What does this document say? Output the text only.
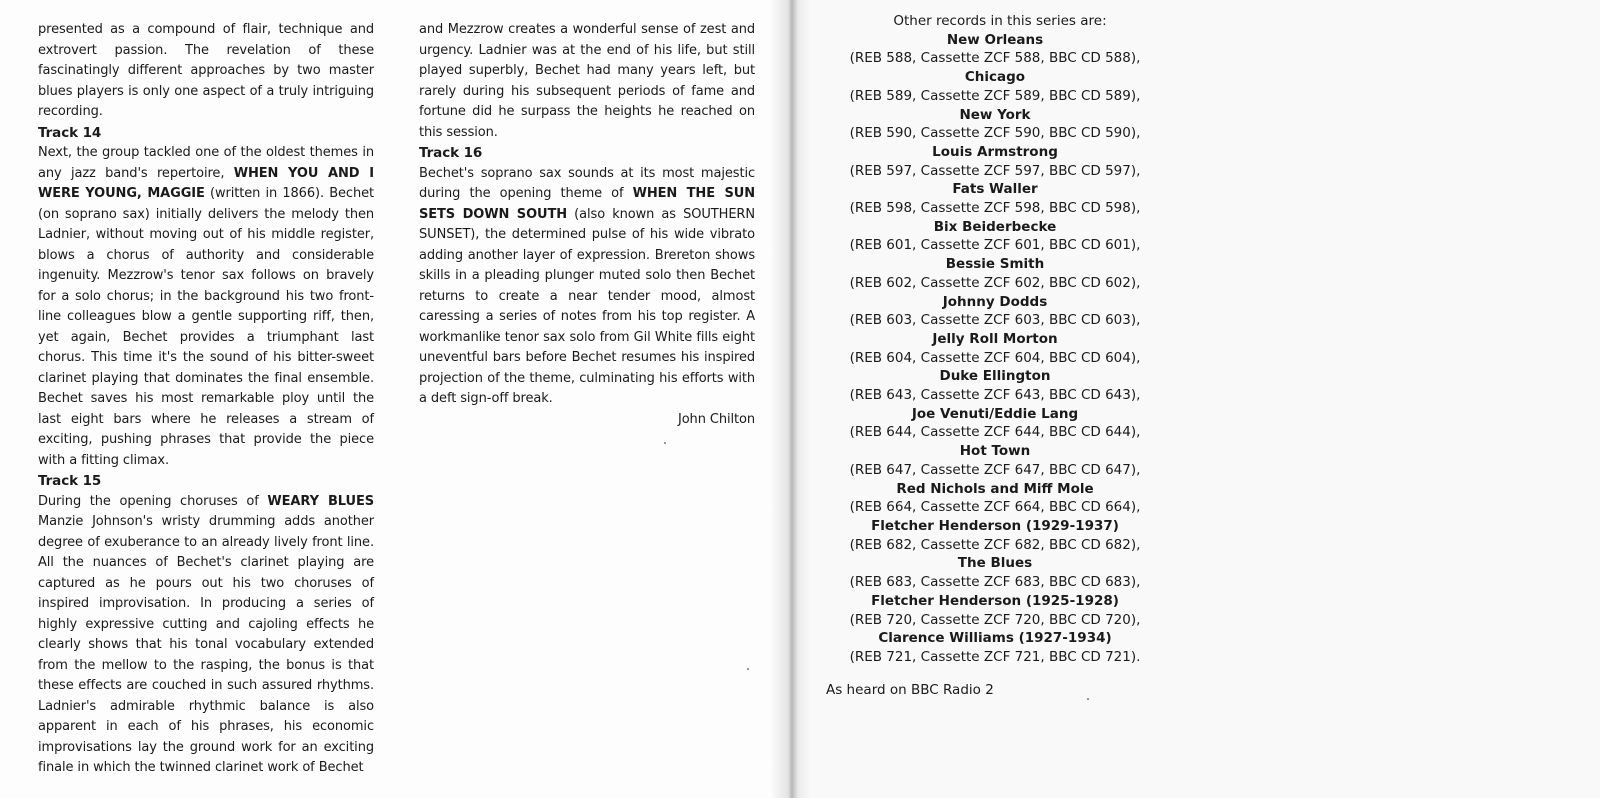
presented as a compound of flair, technique and extrovert passion. The revelation of these fascinatingly different approaches by two master blues players is only one aspect of a truly intriguing recording.

Track 14

Next, the group tackled one of the oldest themes in any jazz band's repertoire, WHEN YOU AND I WERE YOUNG, MAGGIE (written in 1866). Bechet (on soprano sax) initially delivers the melody then Ladnier, without moving out of his middle register, blows a chorus of authority and considerable ingenuity. Mezzrow's tenor sax follows on bravely for a solo chorus; in the background his two front-line colleagues blow a gentle supporting riff, then, yet again, Bechet provides a triumphant last chorus. This time it's the sound of his bitter-sweet clarinet playing that dominates the final ensemble. Bechet saves his most remarkable ploy until the last eight bars where he releases a stream of exciting, pushing phrases that provide the piece with a fitting climax.

Track 15

During the opening choruses of WEARY BLUES Manzie Johnson's wristy drumming adds another degree of exuberance to an already lively front line. All the nuances of Bechet's clarinet playing are captured as he pours out his two choruses of inspired improvisation. In producing a series of highly expressive cutting and cajoling effects he clearly shows that his tonal vocabulary extended from the mellow to the rasping, the bonus is that these effects are couched in such assured rhythms. Ladnier's admirable rhythmic balance is also apparent in each of his phrases, his economic improvisations lay the ground work for an exciting finale in which the twinned clarinet work of Bechet

and Mezzrow creates a wonderful sense of zest and urgency. Ladnier was at the end of his life, but still played superbly, Bechet had many years left, but rarely during his subsequent periods of fame and fortune did he surpass the heights he reached on this session.

Track 16

Bechet's soprano sax sounds at its most majestic during the opening theme of WHEN THE SUN SETS DOWN SOUTH (also known as SOUTHERN SUNSET), the determined pulse of his wide vibrato adding another layer of expression. Brereton shows skills in a pleading plunger muted solo then Bechet returns to create a near tender mood, almost caressing a series of notes from his top register. A workmanlike tenor sax solo from Gil White fills eight uneventful bars before Bechet resumes his inspired projection of the theme, culminating his efforts with a deft sign-off break.

John Chilton

Other records in this series are:

New Orleans
(REB 588, Cassette ZCF 588, BBC CD 588),
Chicago
(REB 589, Cassette ZCF 589, BBC CD 589),
New York
(REB 590, Cassette ZCF 590, BBC CD 590),
Louis Armstrong
(REB 597, Cassette ZCF 597, BBC CD 597),
Fats Waller
(REB 598, Cassette ZCF 598, BBC CD 598),
Bix Beiderbecke
(REB 601, Cassette ZCF 601, BBC CD 601),
Bessie Smith
(REB 602, Cassette ZCF 602, BBC CD 602),
Johnny Dodds
(REB 603, Cassette ZCF 603, BBC CD 603),
Jelly Roll Morton
(REB 604, Cassette ZCF 604, BBC CD 604),
Duke Ellington
(REB 643, Cassette ZCF 643, BBC CD 643),
Joe Venuti/Eddie Lang
(REB 644, Cassette ZCF 644, BBC CD 644),
Hot Town
(REB 647, Cassette ZCF 647, BBC CD 647),
Red Nichols and Miff Mole
(REB 664, Cassette ZCF 664, BBC CD 664),
Fletcher Henderson (1929-1937)
(REB 682, Cassette ZCF 682, BBC CD 682),
The Blues
(REB 683, Cassette ZCF 683, BBC CD 683),
Fletcher Henderson (1925-1928)
(REB 720, Cassette ZCF 720, BBC CD 720),
Clarence Williams (1927-1934)
(REB 721, Cassette ZCF 721, BBC CD 721).
As heard on BBC Radio 2
